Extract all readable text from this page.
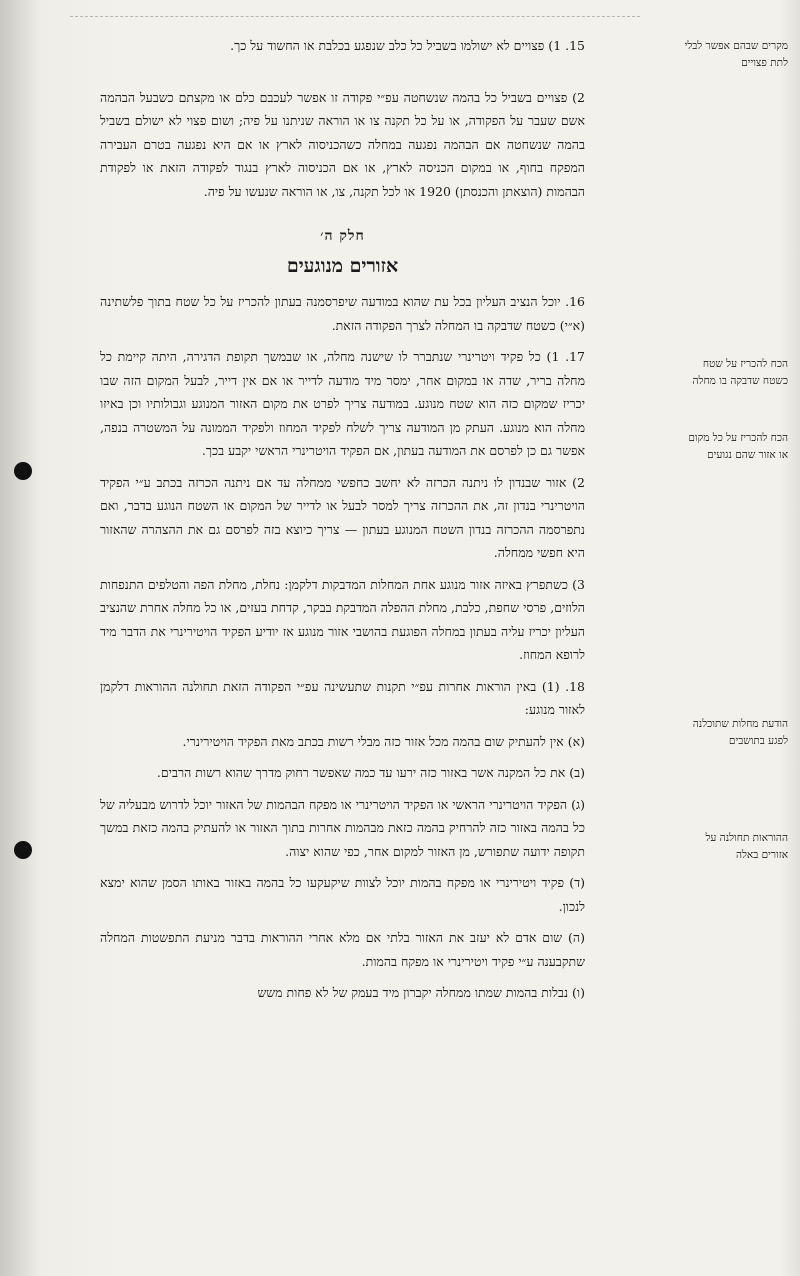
מקרים שבהם אפשר לבלי לתת פצויים
הכח להכריז על שטח כשטח שדבקה בו מחלה
הכח להכריז על כל מקום או אזור שהם נגועים
הודעת מחלות שתוכלנה לפגע בתושבים
ההוראות תחולנה על אזורים באלה

15. 1) פצויים לא ישולמו בשביל כל כלב שנפגע בכלבת או החשוד על כך.

2) פצויים בשביל כל בהמה שנשחטה עפ״י פקודה זו אפשר לעכבם כלם או מקצתם כשבעל הבהמה אשם שעבר על הפקודה, או על כל תקנה צו או הוראה שניתנו על פיה; ושום פצוי לא ישולם בשביל בהמה שנשחטה אם הבהמה נפגעה במחלה כשהכניסוה לארץ או אם היא נפגעה בטרם העבירה המפקח בחוף, או במקום הכניסה לארץ, או אם הכניסוה לארץ בנגוד לפקודה הזאת או לפקודת הבהמות (הוצאתן והכנסתן) 1920 או לכל תקנה, צו, או הוראה שנעשו על פיה.

חלק ה׳
אזורים מנוגעים

16. יוכל הנציב העליון בכל עת שהוא במודעה שיפרסמנה בעתון להכריז על כל שטח בתוך פלשתינה (א״י) כשטח שדבקה בו המחלה לצרך הפקודה הזאת.

17. 1) כל פקיד ויטרינרי שנתברר לו שישנה מחלה, או שבמשך תקופת הדגירה, היתה קיימת כל מחלה בריר, שדה או במקום אחר, ימסר מיד מודעה לדייר או אם אין דייר, לבעל המקום הזה שבו יכריז שמקום כזה הוא שטח מנוגע. במודעה צריך לפרט את מקום האזור המנוגע וגבולותיו וכן באיזו מחלה הוא מנוגע. העתק מן המודעה צריך לשלח לפקיד המחוז ולפקיד הממונה על המשטרה בנפה, אפשר גם כן לפרסם את המודעה בעתון, אם הפקיד הויטרינרי הראשי יקבע בכך.

2) אזור שבנדון לו ניתנה הכרזה לא יחשב כחפשי ממחלה עד אם ניתנה הכרזה בכתב ע״י הפקיד הויטרינרי בנדון זה, את ההכרזה צריך למסר לבעל או לדייר של המקום או השטח הנוגע בדבר, ואם נתפרסמה ההכרזה בנדון השטח המנוגע בעתון — צריך כיוצא בזה לפרסם גם את ההצהרה שהאזור היא חפשי ממחלה.

3) כשתפרץ באיזה אזור מנוגע אחת המחלות המדבקות דלקמן: נחלת, מחלת הפה והטלפים התנפחות הלוזים, פרסי שחפת, כלבת, מחלת ההפלה המדבקת בבקר, קדחת בעזים, או כל מחלה אחרת שהנציב העליון יכריז עליה בעתון במחלה הפוגעת בהושבי אזור מנוגע אז יודיע הפקיד הויטירינרי את הדבר מיד לרופא המחוז.

18. (1) באין הוראות אחרות עפ״י תקנות שתעשינה עפ״י הפקודה הזאת תחולנה ההוראות דלקמן לאזור מנוגע:

(א) אין להעתיק שום בהמה מכל אזור כזה מבלי רשות בכתב מאת הפקיד הויטירינרי.

(ב) את כל המקנה אשר באזור כזה ירעו עד כמה שאפשר רחוק מדרך שהוא רשות הרבים.

(ג) הפקיד הויטרינרי הראשי או הפקיד הויטרינרי או מפקח הבהמות של האזור יוכל לדרוש מבעליה של כל בהמה באזור כזה להרחיק בהמה כזאת מבהמות אחרות בתוך האזור או להעתיק בהמה כזאת במשך תקופה ידועה שתפורש, מן האזור למקום אחר, כפי שהוא יצוה.

(ד) פקיד ויטירינרי או מפקח בהמות יוכל לצוות שיקעקעו כל בהמה באזור באותו הסמן שהוא ימצא לנכון.

(ה) שום אדם לא יעזב את האזור בלתי אם מלא אחרי ההוראות בדבר מניעת התפשטות המחלה שתקבענה ע״י פקיד ויטירינרי או מפקח בהמות.

(ו) נבלות בהמות שמתו ממחלה יקברון מיד בעמק של לא פחות משש
